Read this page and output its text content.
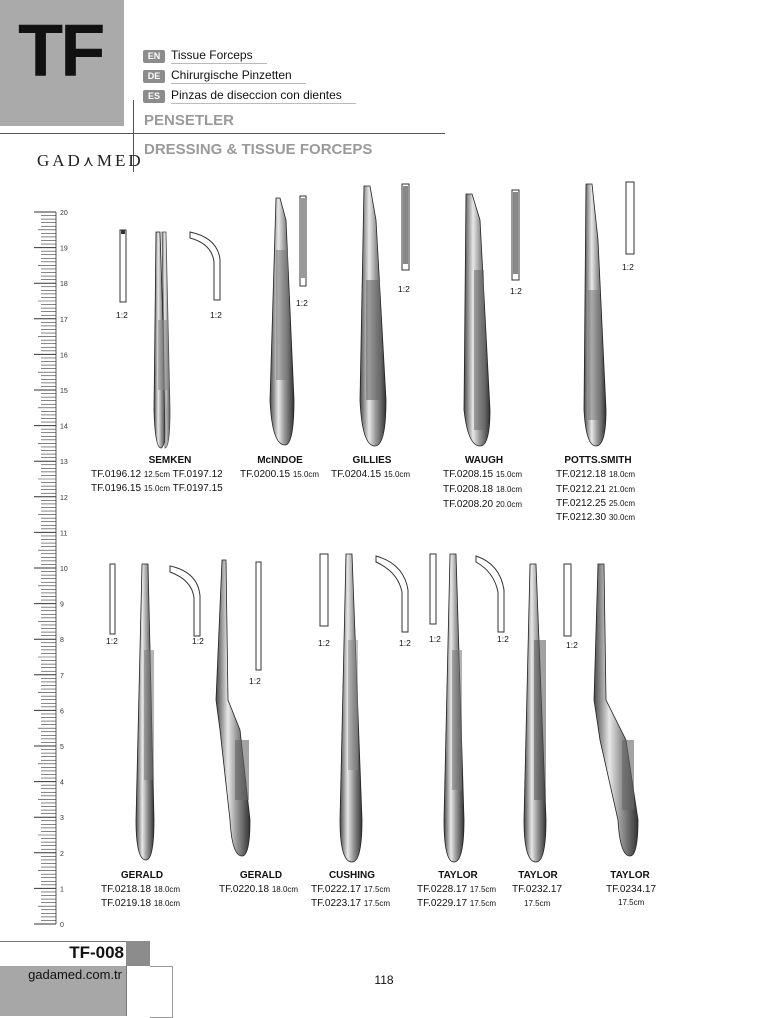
TF	EN Tissue Forceps
DE Chirurgische Pinzetten
ES Pinzas de diseccion con dientes
PENSETLER
DRESSING & TISSUE FORCEPS
GAD⋏MED
0
1
2
3
4
5
6
7
8
9
10
11
12
13
14
15
16
17
18
19
20
1:2	1:2
1:2
1:2	1:2
1:2
SEMKEN
TF.0196.12 12.5cm TF.0197.12
TF.0196.15 15.0cm TF.0197.15
McINDOE
TF.0200.15 15.0cm
GILLIES
TF.0204.15 15.0cm
WAUGH
TF.0208.15 15.0cm
TF.0208.18 18.0cm
TF.0208.20 20.0cm
POTTS.SMITH
TF.0212.18 18.0cm
TF.0212.21 21.0cm
TF.0212.25 25.0cm
TF.0212.30 30.0cm
1:2	1:2
1:2
1:2	1:2 1:2	1:2
1:2
GERALD
TF.0218.18 18.0cm
TF.0219.18 18.0cm
GERALD
TF.0220.18 18.0cm
CUSHING
TF.0222.17 17.5cm
TF.0223.17 17.5cm
TAYLOR
TF.0228.17 17.5cm
TF.0229.17 17.5cm
TAYLOR
TF.0232.17
17.5cm
TAYLOR
TF.0234.17
17.5cm
TF-008
gadamed.com.tr	118
